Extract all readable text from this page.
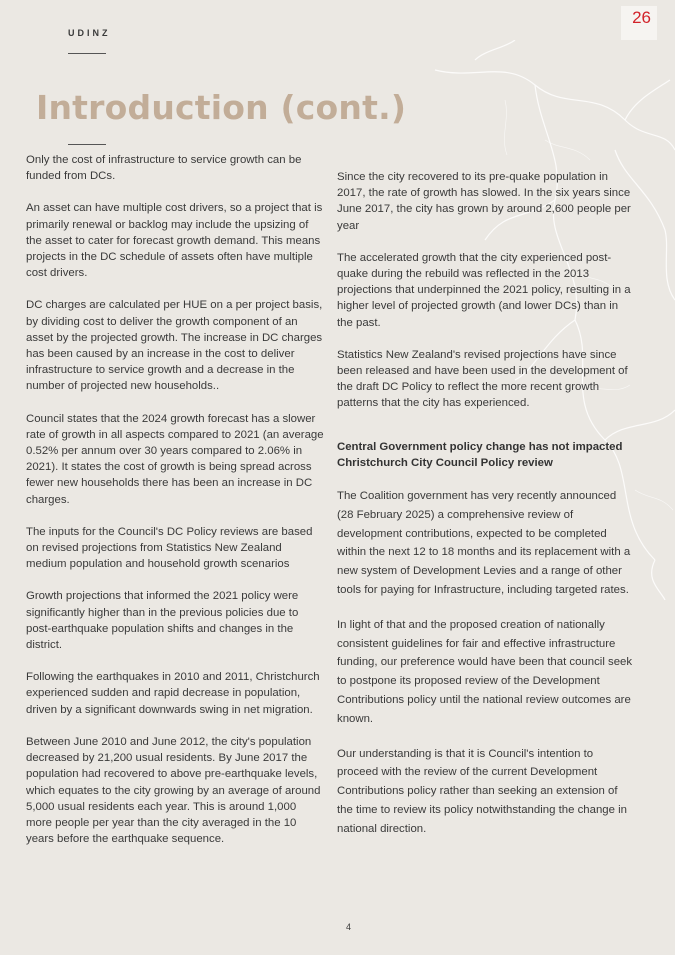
UDINZ
26
Introduction (cont.)

Only the cost of infrastructure to service growth can be funded from DCs.

An asset can have multiple cost drivers, so a project that is primarily renewal or backlog may include the upsizing of the asset to cater for forecast growth demand. This means projects in the DC schedule of assets often have multiple cost drivers.

DC charges are calculated per HUE on a per project basis, by dividing cost to deliver the growth component of an asset by the projected growth. The increase in DC charges has been caused by an increase in the cost to deliver infrastructure to service growth and a decrease in the number of projected new households..

Council states that the 2024 growth forecast has a slower rate of growth in all aspects compared to 2021 (an average 0.52% per annum over 30 years compared to 2.06% in 2021). It states the cost of growth is being spread across fewer new households there has been an increase in DC charges.

The inputs for the Council's DC Policy reviews are based on revised projections from Statistics New Zealand medium population and household growth scenarios

Growth projections that informed the 2021 policy were significantly higher than in the previous policies due to post-earthquake population shifts and changes in the district.

Following the earthquakes in 2010 and 2011, Christchurch experienced sudden and rapid decrease in population, driven by a significant downwards swing in net migration.

Between June 2010 and June 2012, the city's population decreased by 21,200 usual residents. By June 2017 the population had recovered to above pre-earthquake levels, which equates to the city growing by an average of around 5,000 usual residents each year. This is around 1,000 more people per year than the city averaged in the 10 years before the earthquake sequence.

Since the city recovered to its pre-quake population in 2017, the rate of growth has slowed. In the six years since June 2017, the city has grown by around 2,600 people per year

The accelerated growth that the city experienced post-quake during the rebuild was reflected in the 2013 projections that underpinned the 2021 policy, resulting in a higher level of projected growth (and lower DCs) than in the past.

Statistics New Zealand's revised projections have since been released and have been used in the development of the draft DC Policy to reflect the more recent growth patterns that the city has experienced.

Central Government policy change has not impacted Christchurch City Council Policy review

The Coalition government has very recently announced (28 February 2025) a comprehensive review of development contributions, expected to be completed within the next 12 to 18 months and its replacement with a new system of Development Levies and a range of other tools for paying for Infrastructure, including targeted rates.

In light of that and the proposed creation of nationally consistent guidelines for fair and effective infrastructure funding, our preference would have been that council seek to postpone its proposed review of the Development Contributions policy until the national review outcomes are known.

Our understanding is that it is Council's intention to proceed with the review of the current Development Contributions policy rather than seeking an extension of the time to review its policy notwithstanding the change in national direction.

4
